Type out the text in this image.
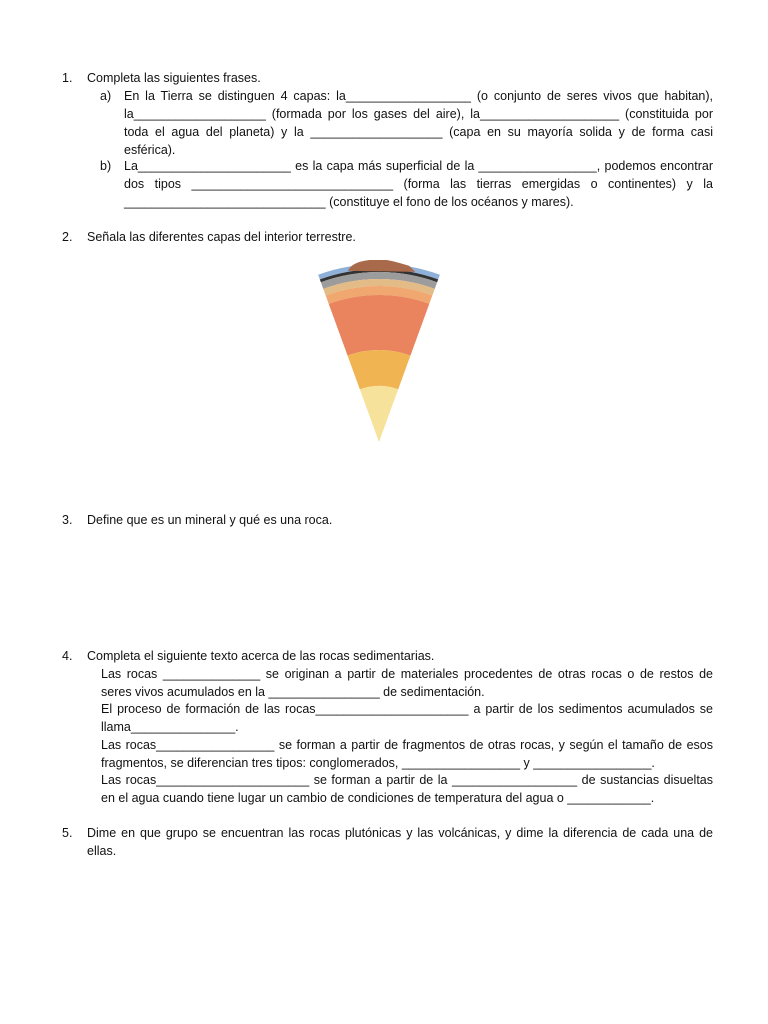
1.	Completa las siguientes frases.
a) En la Tierra se distinguen 4 capas: la__________________ (o conjunto de seres vivos que habitan), la___________________ (formada por los gases del aire), la____________________ (constituida por toda el agua del planeta) y la ___________________ (capa en su mayoría solida y de forma casi esférica).
b) La______________________ es la capa más superficial de la _________________, podemos encontrar dos tipos _____________________________ (forma las tierras emergidas o continentes) y la _____________________________ (constituye el fono de los océanos y mares).
2.	Señala las diferentes capas del interior terrestre.
3.	Define que es un mineral y qué es una roca.
4.	Completa el siguiente texto acerca de las rocas sedimentarias.
Las rocas ______________ se originan a partir de materiales procedentes de otras rocas o de restos de seres vivos acumulados en la ________________ de sedimentación.
El proceso de formación de las rocas______________________ a partir de los sedimentos acumulados se llama_______________.
Las rocas_________________ se forman a partir de fragmentos de otras rocas, y según el tamaño de esos fragmentos, se diferencian tres tipos: conglomerados, _________________ y _________________.
Las rocas______________________ se forman a partir de la __________________ de sustancias disueltas en el agua cuando tiene lugar un cambio de condiciones de temperatura del agua o ____________.
5.	Dime en que grupo se encuentran las rocas plutónicas y las volcánicas, y dime la diferencia de cada una de ellas.
